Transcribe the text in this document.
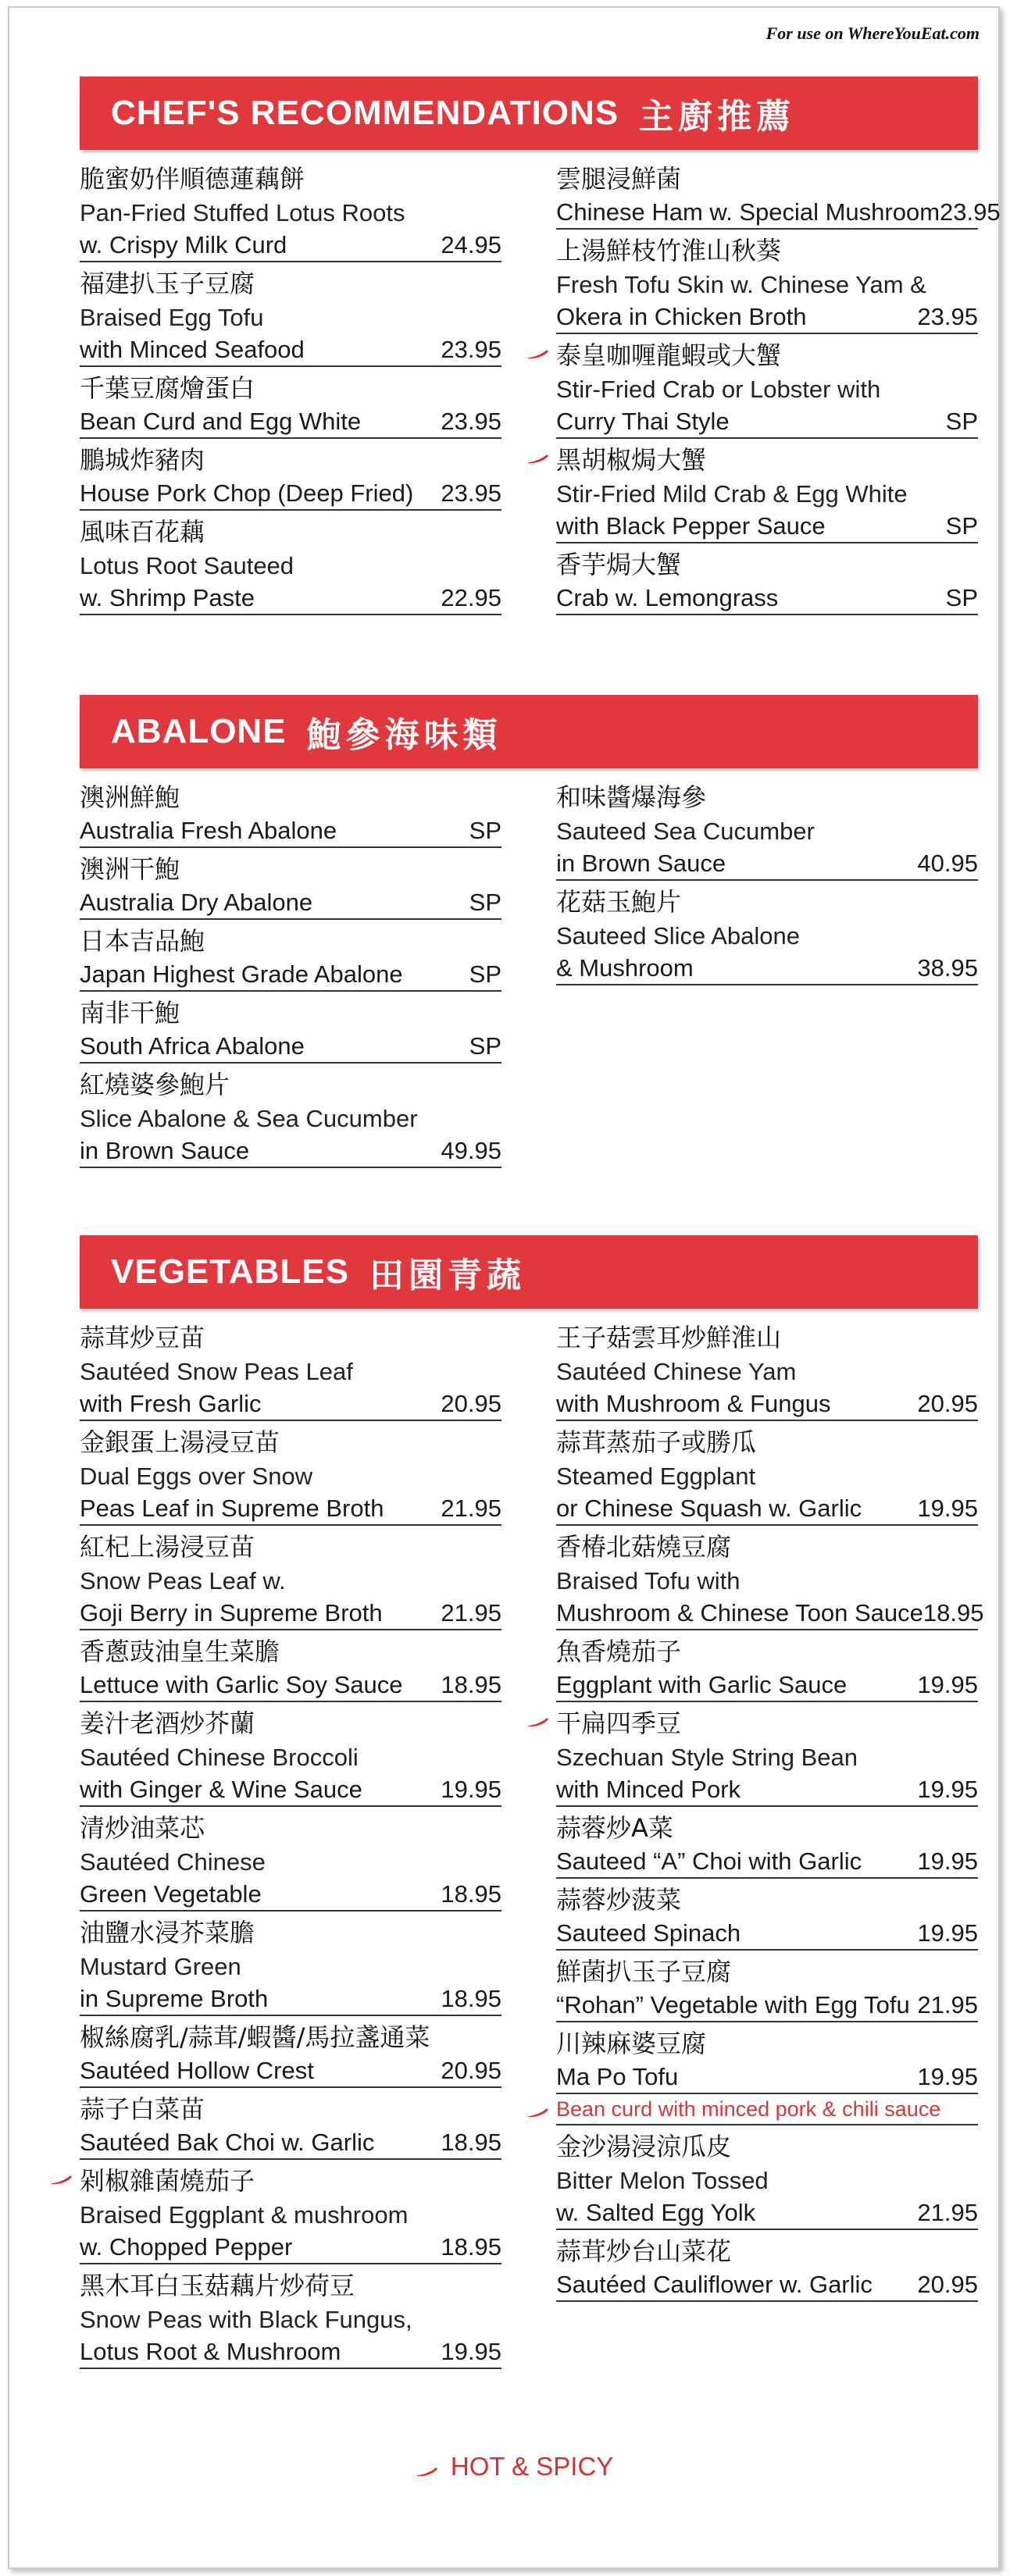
For use on WhereYouEat.com
CHEF'S RECOMMENDATIONS 主廚推薦
脆蜜奶伴順德蓮藕餅
Pan-Fried Stuffed Lotus Roots
w. Crispy Milk Curd	24.95
福建扒玉子豆腐
Braised Egg Tofu
with Minced Seafood	23.95
千葉豆腐燴蛋白
Bean Curd and Egg White	23.95
鵬城炸豬肉
House Pork Chop (Deep Fried) 23.95
風味百花藕
Lotus Root Sauteed
w. Shrimp Paste	22.95
雲腿浸鮮菌
Chinese Ham w. Special Mushroom 23.95
上湯鮮枝竹淮山秋葵
Fresh Tofu Skin w. Chinese Yam &
Okera in Chicken Broth	23.95
泰皇咖喱龍蝦或大蟹
Stir-Fried Crab or Lobster with
Curry Thai Style	SP
黑胡椒焗大蟹
Stir-Fried Mild Crab & Egg White
with Black Pepper Sauce	SP
香芋焗大蟹
Crab w. Lemongrass	SP
ABALONE 鮑參海味類
澳洲鮮鮑
Australia Fresh Abalone	SP
澳洲干鮑
Australia Dry Abalone	SP
日本吉品鮑
Japan Highest Grade Abalone	SP
南非干鮑
South Africa Abalone	SP
紅燒婆參鮑片
Slice Abalone & Sea Cucumber
in Brown Sauce	49.95
和味醬爆海參
Sauteed Sea Cucumber
in Brown Sauce	40.95
花菇玉鮑片
Sauteed Slice Abalone
& Mushroom	38.95
VEGETABLES 田園青蔬
蒜茸炒豆苗
Sautéed Snow Peas Leaf
with Fresh Garlic	20.95
金銀蛋上湯浸豆苗
Dual Eggs over Snow
Peas Leaf in Supreme Broth 21.95
紅杞上湯浸豆苗
Snow Peas Leaf w.
Goji Berry in Supreme Broth 21.95
香蔥豉油皇生菜膽
Lettuce with Garlic Soy Sauce 18.95
姜汁老酒炒芥蘭
Sautéed Chinese Broccoli
with Ginger & Wine Sauce	19.95
清炒油菜芯
Sautéed Chinese
Green Vegetable	18.95
油鹽水浸芥菜膽
Mustard Green
in Supreme Broth	18.95
椒絲腐乳/蒜茸/蝦醬/馬拉盞通菜
Sautéed Hollow Crest	20.95
蒜子白菜苗
Sautéed Bak Choi w. Garlic	18.95
剁椒雜菌燒茄子
Braised Eggplant & mushroom
w. Chopped Pepper	18.95
黑木耳白玉菇藕片炒荷豆
Snow Peas with Black Fungus,
Lotus Root & Mushroom	19.95
王子菇雲耳炒鮮淮山
Sautéed Chinese Yam
with Mushroom & Fungus	20.95
蒜茸蒸茄子或勝瓜
Steamed Eggplant
or Chinese Squash w. Garlic 19.95
香椿北菇燒豆腐
Braised Tofu with
Mushroom & Chinese Toon Sauce 18.95
魚香燒茄子
Eggplant with Garlic Sauce	19.95
干扁四季豆
Szechuan Style String Bean
with Minced Pork	19.95
蒜蓉炒A菜
Sauteed “A” Choi with Garlic 19.95
蒜蓉炒菠菜
Sauteed Spinach	19.95
鮮菌扒玉子豆腐
“Rohan” Vegetable with Egg Tofu 21.95
川辣麻婆豆腐
Ma Po Tofu	19.95
Bean curd with minced pork & chili sauce
金沙湯浸涼瓜皮
Bitter Melon Tossed
w. Salted Egg Yolk	21.95
蒜茸炒台山菜花
Sautéed Cauliflower w. Garlic 20.95
HOT & SPICY
